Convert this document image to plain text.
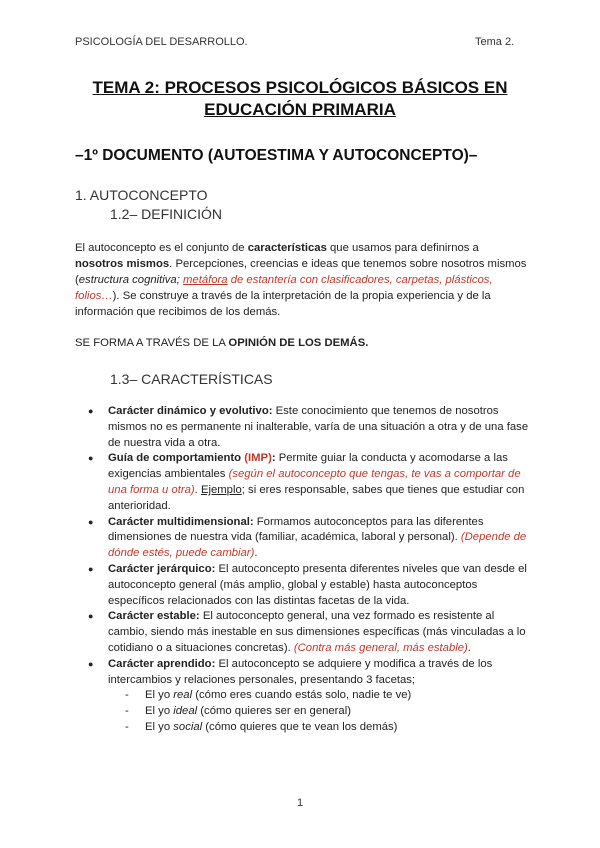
PSICOLOGÍA DEL DESARROLLO.	Tema 2.
TEMA 2: PROCESOS PSICOLÓGICOS BÁSICOS EN
EDUCACIÓN PRIMARIA
–1º DOCUMENTO (AUTOESTIMA Y AUTOCONCEPTO)–
1. AUTOCONCEPTO
1.2– DEFINICIÓN
El autoconcepto es el conjunto de características que usamos para definirnos a nosotros mismos. Percepciones, creencias e ideas que tenemos sobre nosotros mismos (estructura cognitiva; metáfora de estantería con clasificadores, carpetas, plásticos, folios…). Se construye a través de la interpretación de la propia experiencia y de la información que recibimos de los demás.
SE FORMA A TRAVÉS DE LA OPINIÓN DE LOS DEMÁS.
1.3– CARACTERÍSTICAS
● Carácter dinámico y evolutivo: Este conocimiento que tenemos de nosotros mismos no es permanente ni inalterable, varía de una situación a otra y de una fase de nuestra vida a otra.
● Guía de comportamiento (IMP): Permite guiar la conducta y acomodarse a las exigencias ambientales (según el autoconcepto que tengas, te vas a comportar de una forma u otra). Ejemplo; si eres responsable, sabes que tienes que estudiar con anterioridad.
● Carácter multidimensional: Formamos autoconceptos para las diferentes dimensiones de nuestra vida (familiar, académica, laboral y personal). (Depende de dónde estés, puede cambiar).
● Carácter jerárquico: El autoconcepto presenta diferentes niveles que van desde el autoconcepto general (más amplio, global y estable) hasta autoconceptos específicos relacionados con las distintas facetas de la vida.
● Carácter estable: El autoconcepto general, una vez formado es resistente al cambio, siendo más inestable en sus dimensiones específicas (más vinculadas a lo cotidiano o a situaciones concretas). (Contra más general, más estable).
● Carácter aprendido: El autoconcepto se adquiere y modifica a través de los intercambios y relaciones personales, presentando 3 facetas;
- El yo real (cómo eres cuando estás solo, nadie te ve)
- El yo ideal (cómo quieres ser en general)
- El yo social (cómo quieres que te vean los demás)
1
